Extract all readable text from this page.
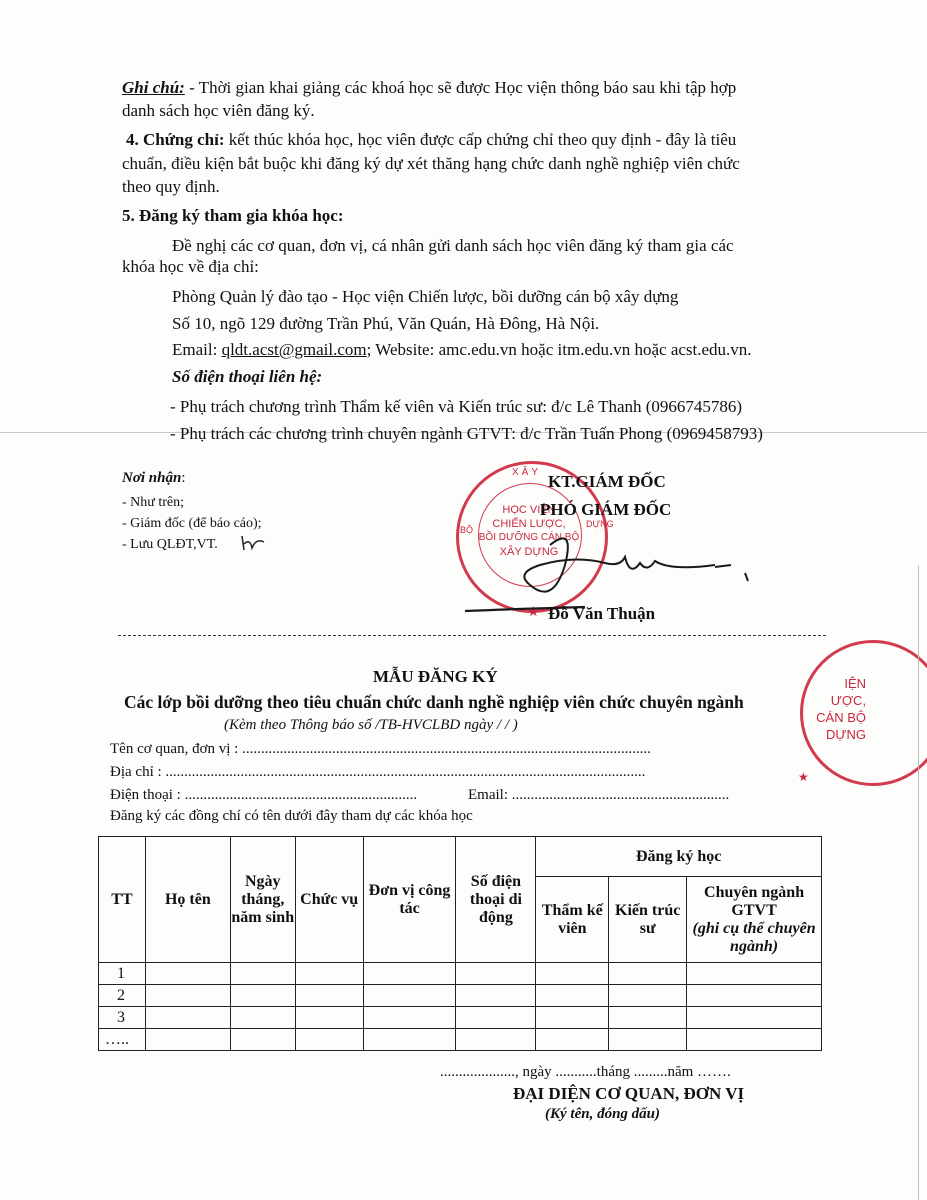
Ghi chú: - Thời gian khai giảng các khoá học sẽ được Học viện thông báo sau khi tập hợp
danh sách học viên đăng ký.
4. Chứng chỉ: kết thúc khóa học, học viên được cấp chứng chỉ theo quy định - đây là tiêu
chuẩn, điều kiện bắt buộc khi đăng ký dự xét thăng hạng chức danh nghề nghiệp viên chức
theo quy định.
5. Đăng ký tham gia khóa học:
Đề nghị các cơ quan, đơn vị, cá nhân gửi danh sách học viên đăng ký tham gia các
khóa học về địa chỉ:
Phòng Quản lý đào tạo - Học viện Chiến lược, bồi dưỡng cán bộ xây dựng
Số 10, ngõ 129 đường Trần Phú, Văn Quán, Hà Đông, Hà Nội.
Email: qldt.acst@gmail.com; Website: amc.edu.vn hoặc itm.edu.vn hoặc acst.edu.vn.
Số điện thoại liên hệ:
- Phụ trách chương trình Thẩm kế viên và Kiến trúc sư: đ/c Lê Thanh (0966745786)
- Phụ trách các chương trình chuyên ngành GTVT: đ/c Trần Tuấn Phong (0969458793)
Nơi nhận:
- Như trên;
- Giám đốc (để báo cáo);
- Lưu QLĐT,VT.
XÂY
DỰNG
BỘ
HỌC VIỆN
CHIẾN LƯỢC,
BỒI DƯỠNG CÁN BỘ
XÂY DỰNG
★
KT.GIÁM ĐỐC
PHÓ GIÁM ĐỐC
Đỗ Văn Thuận
IỆN
ƯỢC,
CÁN BỘ
DỰNG
★
MẪU ĐĂNG KÝ
Các lớp bồi dưỡng theo tiêu chuẩn chức danh nghề nghiệp viên chức chuyên ngành
(Kèm theo Thông báo số /TB-HVCLBD ngày / / )
Tên cơ quan, đơn vị : .............................................................................................................
Địa chỉ : ................................................................................................................................
Điện thoại : ..............................................................	Email: ..........................................................
Đăng ký các đồng chí có tên dưới đây tham dự các khóa học
TT	Họ tên	Ngày tháng, năm sinh	Chức vụ	Đơn vị công tác	Số điện thoại di động	Đăng ký học		
						Thẩm kế viên	Kiến trúc sư	Chuyên ngành GTVT
(ghi cụ thể chuyên ngành)

1								
2								
3								
…..								
...................., ngày ...........tháng .........năm …….
ĐẠI DIỆN CƠ QUAN, ĐƠN VỊ
(Ký tên, đóng dấu)
